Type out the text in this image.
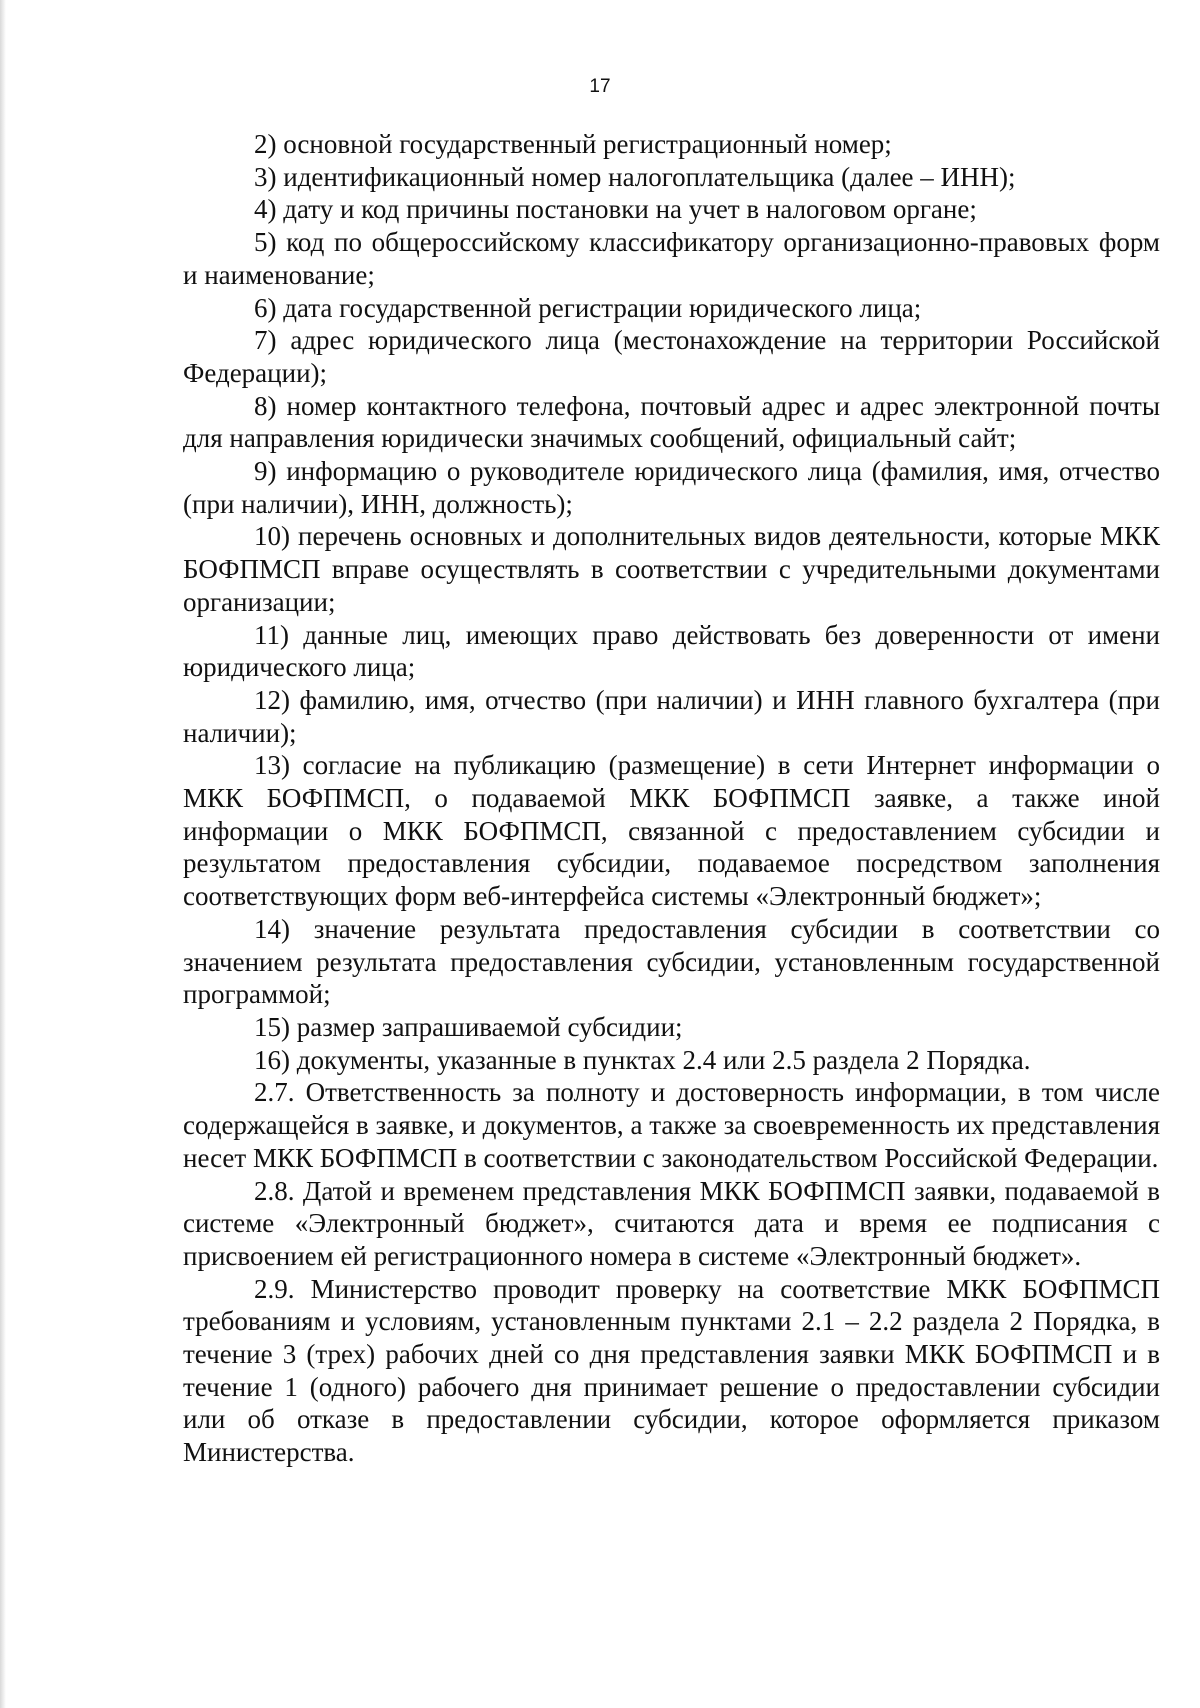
17

2) основной государственный регистрационный номер;

3) идентификационный номер налогоплательщика (далее – ИНН);

4) дату и код причины постановки на учет в налоговом органе;

5) код по общероссийскому классификатору организационно-правовых форм и наименование;

6) дата государственной регистрации юридического лица;

7) адрес юридического лица (местонахождение на территории Российской Федерации);

8) номер контактного телефона, почтовый адрес и адрес электронной почты для направления юридически значимых сообщений, официальный сайт;

9) информацию о руководителе юридического лица (фамилия, имя, отчество (при наличии), ИНН, должность);

10) перечень основных и дополнительных видов деятельности, которые МКК БОФПМСП вправе осуществлять в соответствии с учредительными документами организации;

11) данные лиц, имеющих право действовать без доверенности от имени юридического лица;

12) фамилию, имя, отчество (при наличии) и ИНН главного бухгалтера (при наличии);

13) согласие на публикацию (размещение) в сети Интернет информации о МКК БОФПМСП, о подаваемой МКК БОФПМСП заявке, а также иной информации о МКК БОФПМСП, связанной с предоставлением субсидии и результатом предоставления субсидии, подаваемое посредством заполнения соответствующих форм веб-интерфейса системы «Электронный бюджет»;

14) значение результата предоставления субсидии в соответствии со значением результата предоставления субсидии, установленным государственной программой;

15) размер запрашиваемой субсидии;

16) документы, указанные в пунктах 2.4 или 2.5 раздела 2 Порядка.

2.7. Ответственность за полноту и достоверность информации, в том числе содержащейся в заявке, и документов, а также за своевременность их представления несет МКК БОФПМСП в соответствии с законодательством Российской Федерации.

2.8. Датой и временем представления МКК БОФПМСП заявки, подаваемой в системе «Электронный бюджет», считаются дата и время ее подписания с присвоением ей регистрационного номера в системе «Электронный бюджет».

2.9. Министерство проводит проверку на соответствие МКК БОФПМСП требованиям и условиям, установленным пунктами 2.1 – 2.2 раздела 2 Порядка, в течение 3 (трех) рабочих дней со дня представления заявки МКК БОФПМСП и в течение 1 (одного) рабочего дня принимает решение о предоставлении субсидии или об отказе в предоставлении субсидии, которое оформляется приказом Министерства.
